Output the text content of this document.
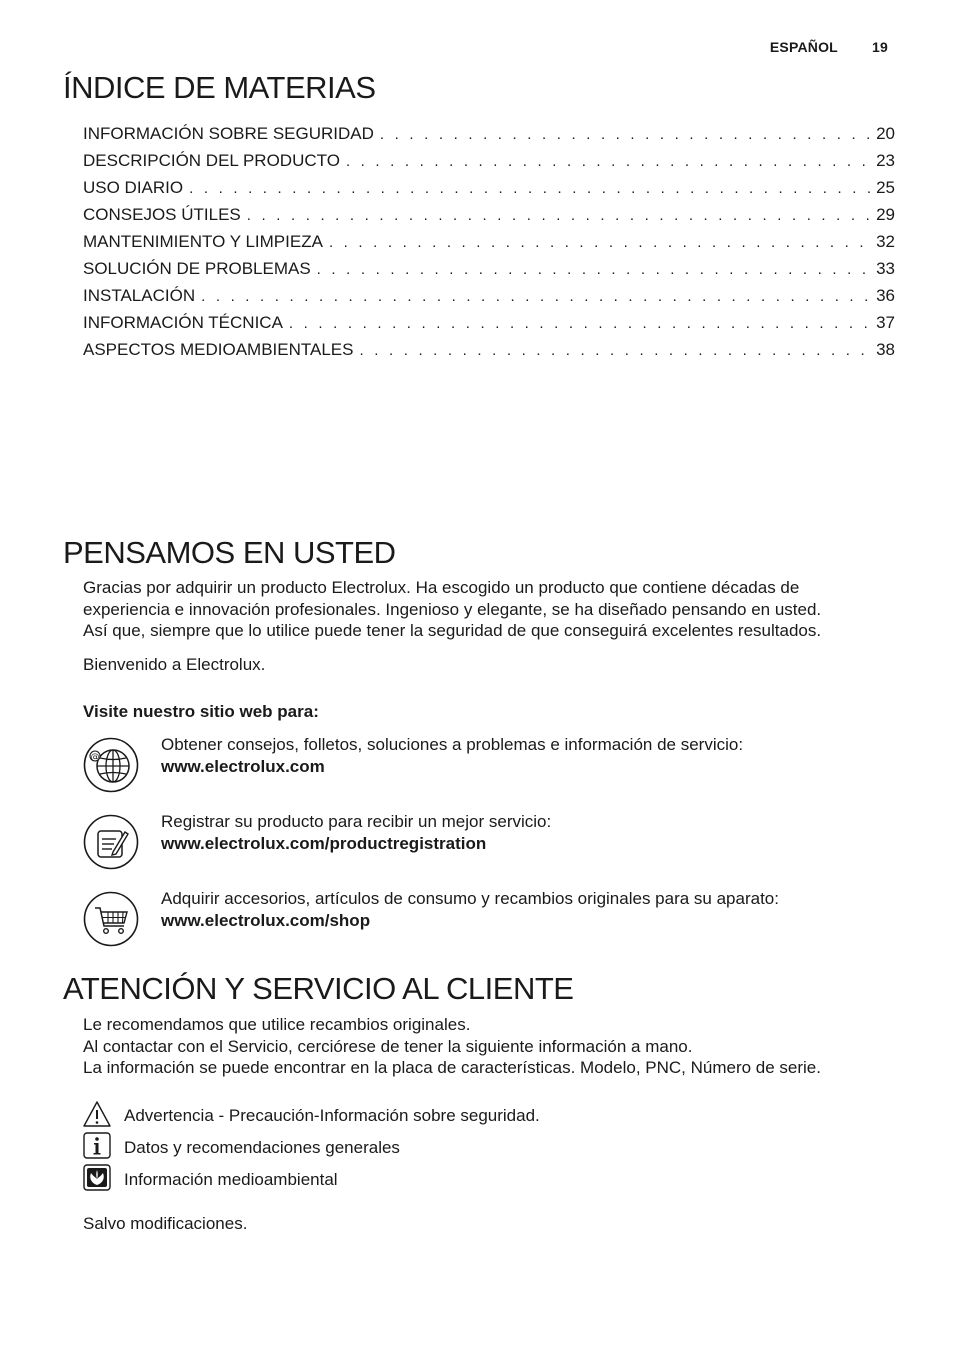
ESPAÑOL 19
ÍNDICE DE MATERIAS
INFORMACIÓN SOBRE SEGURIDAD . . .	20
DESCRIPCIÓN DEL PRODUCTO . . .	23
USO DIARIO . . .	25
CONSEJOS ÚTILES . . .	29
MANTENIMIENTO Y LIMPIEZA . . .	32
SOLUCIÓN DE PROBLEMAS . . .	33
INSTALACIÓN . . .	36
INFORMACIÓN TÉCNICA . . .	37
ASPECTOS MEDIOAMBIENTALES . . .	38
PENSAMOS EN USTED

Gracias por adquirir un producto Electrolux. Ha escogido un producto que contiene décadas de
experiencia e innovación profesionales. Ingenioso y elegante, se ha diseñado pensando en usted.
Así que, siempre que lo utilice puede tener la seguridad de que conseguirá excelentes resultados.

Bienvenido a Electrolux.

Visite nuestro sitio web para:

@
Obtener consejos, folletos, soluciones a problemas e información de servicio:
www.electrolux.com
Registrar su producto para recibir un mejor servicio:
www.electrolux.com/productregistration
Adquirir accesorios, artículos de consumo y recambios originales para su aparato:
www.electrolux.com/shop
ATENCIÓN Y SERVICIO AL CLIENTE

Le recomendamos que utilice recambios originales.
Al contactar con el Servicio, cerciórese de tener la siguiente información a mano.
La información se puede encontrar en la placa de características. Modelo, PNC, Número de serie.

Advertencia - Precaución-Información sobre seguridad.
Datos y recomendaciones generales
Información medioambiental

Salvo modificaciones.
